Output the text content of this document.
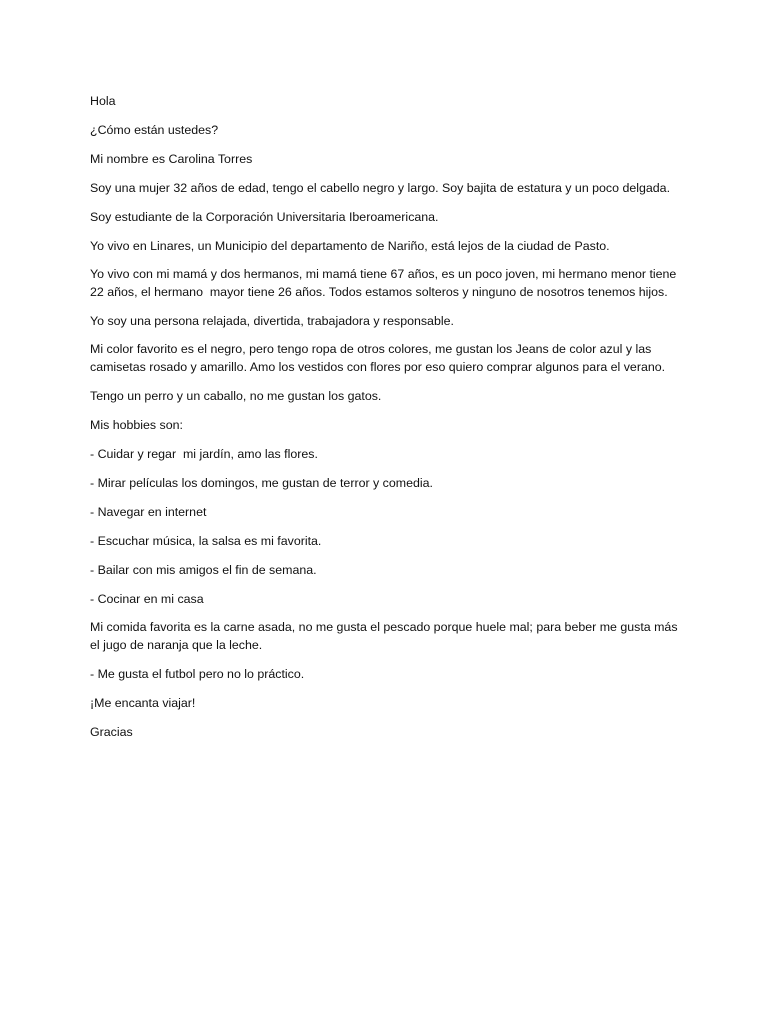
Hola

¿Cómo están ustedes?

Mi nombre es Carolina Torres

Soy una mujer 32 años de edad, tengo el cabello negro y largo. Soy bajita de estatura y un poco delgada.

Soy estudiante de la Corporación Universitaria Iberoamericana.

Yo vivo en Linares, un Municipio del departamento de Nariño, está lejos de la ciudad de Pasto.

Yo vivo con mi mamá y dos hermanos, mi mamá tiene 67 años, es un poco joven, mi hermano menor tiene 22 años, el hermano  mayor tiene 26 años. Todos estamos solteros y ninguno de nosotros tenemos hijos.

Yo soy una persona relajada, divertida, trabajadora y responsable.

Mi color favorito es el negro, pero tengo ropa de otros colores, me gustan los Jeans de color azul y las camisetas rosado y amarillo. Amo los vestidos con flores por eso quiero comprar algunos para el verano.

Tengo un perro y un caballo, no me gustan los gatos.

Mis hobbies son:

- Cuidar y regar  mi jardín, amo las flores.

- Mirar películas los domingos, me gustan de terror y comedia.

- Navegar en internet

- Escuchar música, la salsa es mi favorita.

- Bailar con mis amigos el fin de semana.

- Cocinar en mi casa

Mi comida favorita es la carne asada, no me gusta el pescado porque huele mal; para beber me gusta más el jugo de naranja que la leche.

- Me gusta el futbol pero no lo práctico.

¡Me encanta viajar!

Gracias
